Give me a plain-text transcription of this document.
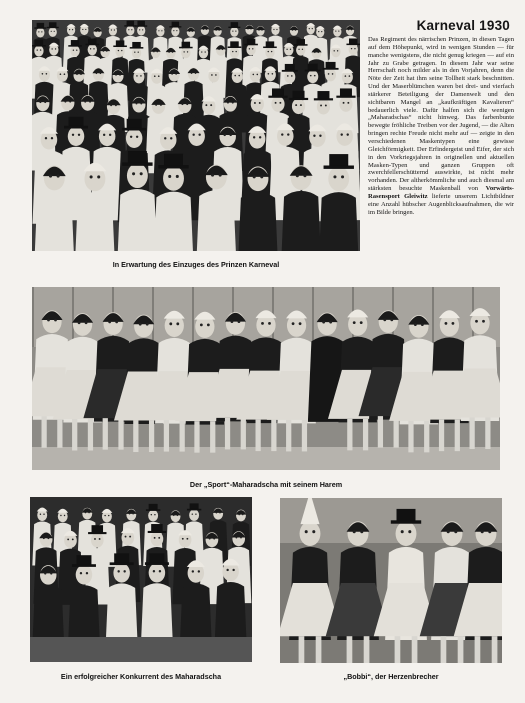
In Erwartung des Einzuges des Prinzen Karneval
Karneval 1930
Das Regiment des närrischen Prinzen, in diesen Tagen auf dem Höhepunkt, wird in wenigen Stunden — für manche wenigstens, die nicht genug kriegen — auf ein Jahr zu Grabe getragen. In diesem Jahr war seine Herrschaft noch milder als in den Vorjahren, denn die Nöte der Zeit hat ihm seine Tollheit stark beschnitten. Und der Maserblümchen waren bei drei- und vierfach stärkerer Beteiligung der Damenwelt und den sichtbaren Mangel an „kaufkräftigen Kavalieren“ bedauerlich viele. Dafür halfen sich die wenigen „Maharadschas“ nicht hinweg. Das farbenbunte bewegte fröhliche Treiben vor der Jugend, — die Alten bringen rechte Freude nicht mehr auf — zeigte in den verschiedenen Maskentypen eine gewisse Gleichförmigkeit. Der Erfindergeist und Eifer, der sich in den Vorkriegsjahren in originellen und aktuellen Masken-Typen und ganzen Gruppen oft zwerchfellerschütternd auswirkte, ist nicht mehr vorhanden. Der altherkömmliche und auch diesmal am stärksten besuchte Maskenball von Vorwärts-Rasensport Gleiwitz lieferte unserem Lichtbildner eine Anzahl hübscher Augenblicksaufnahmen, die wir im Bilde bringen.
Der „Sport“-Maharadscha mit seinem Harem
Ein erfolgreicher Konkurrent des Maharadscha	„Bobbi“, der Herzenbrecher
